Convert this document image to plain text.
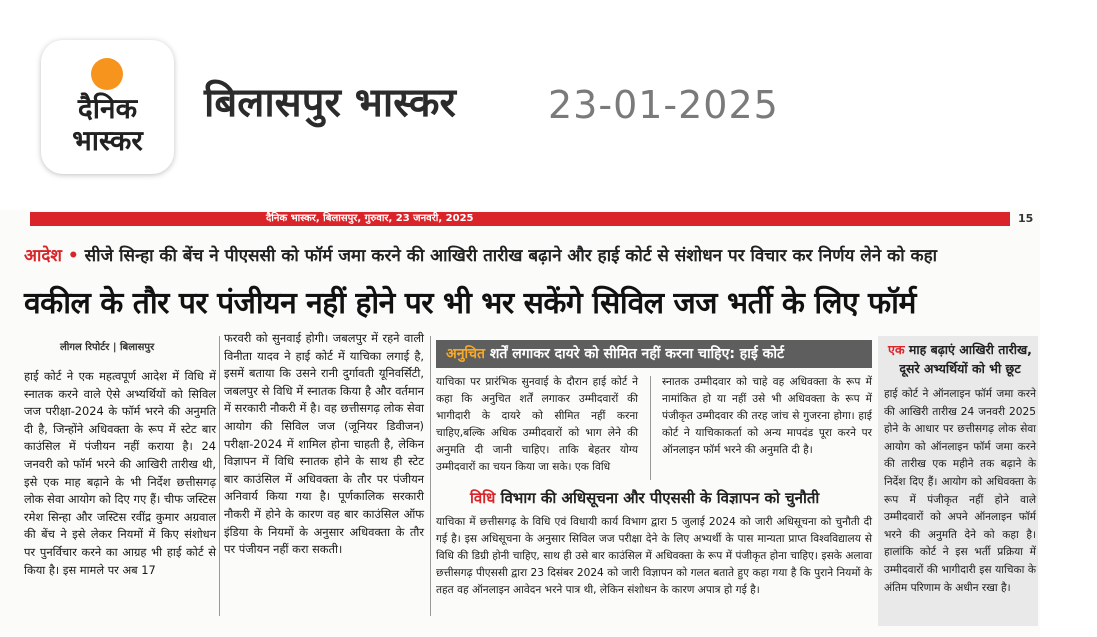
दैनिक
भास्कर
बिलासपुर भास्कर 23-01-2025
दैनिक भास्कर, बिलासपुर, गुरुवार, 23 जनवरी, 2025	15
आदेश • सीजे सिन्हा की बेंच ने पीएससी को फॉर्म जमा करने की आखिरी तारीख बढ़ाने और हाई कोर्ट से संशोधन पर विचार कर निर्णय लेने को कहा
वकील के तौर पर पंजीयन नहीं होने पर भी भर सकेंगे सिविल जज भर्ती के लिए फॉर्म
लीगल रिपोर्टर | बिलासपुर
हाई कोर्ट ने एक महत्वपूर्ण आदेश में विधि में स्नातक करने वाले ऐसे अभ्यर्थियों को सिविल जज परीक्षा-2024 के फॉर्म भरने की अनुमति दी है, जिन्होंने अधिवक्ता के रूप में स्टेट बार काउंसिल में पंजीयन नहीं कराया है। 24 जनवरी को फॉर्म भरने की आखिरी तारीख थी, इसे एक माह बढ़ाने के भी निर्देश छत्तीसगढ़ लोक सेवा आयोग को दिए गए हैं। चीफ जस्टिस रमेश सिन्हा और जस्टिस रवींद्र कुमार अग्रवाल की बेंच ने इसे लेकर नियमों में किए संशोधन पर पुनर्विचार करने का आग्रह भी हाई कोर्ट से किया है। इस मामले पर अब 17
फरवरी को सुनवाई होगी। जबलपुर में रहने वाली विनीता यादव ने हाई कोर्ट में याचिका लगाई है, इसमें बताया कि उसने रानी दुर्गावती यूनिवर्सिटी, जबलपुर से विधि में स्नातक किया है और वर्तमान में सरकारी नौकरी में है। वह छत्तीसगढ़ लोक सेवा आयोग की सिविल जज (जूनियर डिवीजन) परीक्षा-2024 में शामिल होना चाहती है, लेकिन विज्ञापन में विधि स्नातक होने के साथ ही स्टेट बार काउंसिल में अधिवक्ता के तौर पर पंजीयन अनिवार्य किया गया है। पूर्णकालिक सरकारी नौकरी में होने के कारण वह बार काउंसिल ऑफ इंडिया के नियमों के अनुसार अधिवक्ता के तौर पर पंजीयन नहीं करा सकती।
अनुचित शर्तें लगाकर दायरे को सीमित नहीं करना चाहिए: हाई कोर्ट
याचिका पर प्रारंभिक सुनवाई के दौरान हाई कोर्ट ने कहा कि अनुचित शर्तें लगाकर उम्मीदवारों की भागीदारी के दायरे को सीमित नहीं करना चाहिए,बल्कि अधिक उम्मीदवारों को भाग लेने की अनुमति दी जानी चाहिए। ताकि बेहतर योग्य उम्मीदवारों का चयन किया जा सके। एक विधि
स्नातक उम्मीदवार को चाहे वह अधिवक्ता के रूप में नामांकित हो या नहीं उसे भी अधिवक्ता के रूप में पंजीकृत उम्मीदवार की तरह जांच से गुजरना होगा। हाई कोर्ट ने याचिकाकर्ता को अन्य मापदंड पूरा करने पर ऑनलाइन फॉर्म भरने की अनुमति दी है।
विधि विभाग की अधिसूचना और पीएससी के विज्ञापन को चुनौती
याचिका में छत्तीसगढ़ के विधि एवं विधायी कार्य विभाग द्वारा 5 जुलाई 2024 को जारी अधिसूचना को चुनौती दी गई है। इस अधिसूचना के अनुसार सिविल जज परीक्षा देने के लिए अभ्यर्थी के पास मान्यता प्राप्त विश्वविद्यालय से विधि की डिग्री होनी चाहिए, साथ ही उसे बार काउंसिल में अधिवक्ता के रूप में पंजीकृत होना चाहिए। इसके अलावा छत्तीसगढ़ पीएससी द्वारा 23 दिसंबर 2024 को जारी विज्ञापन को गलत बताते हुए कहा गया है कि पुराने नियमों के तहत वह ऑनलाइन आवेदन भरने पात्र थी, लेकिन संशोधन के कारण अपात्र हो गई है।
एक माह बढ़ाएं आखिरी तारीख, दूसरे अभ्यर्थियों को भी छूट
हाई कोर्ट ने ऑनलाइन फॉर्म जमा करने की आखिरी तारीख 24 जनवरी 2025 होने के आधार पर छत्तीसगढ़ लोक सेवा आयोग को ऑनलाइन फॉर्म जमा करने की तारीख एक महीने तक बढ़ाने के निर्देश दिए हैं। आयोग को अधिवक्ता के रूप में पंजीकृत नहीं होने वाले उम्मीदवारों को अपने ऑनलाइन फॉर्म भरने की अनुमति देने को कहा है। हालांकि कोर्ट ने इस भर्ती प्रक्रिया में उम्मीदवारों की भागीदारी इस याचिका के अंतिम परिणाम के अधीन रखा है।
